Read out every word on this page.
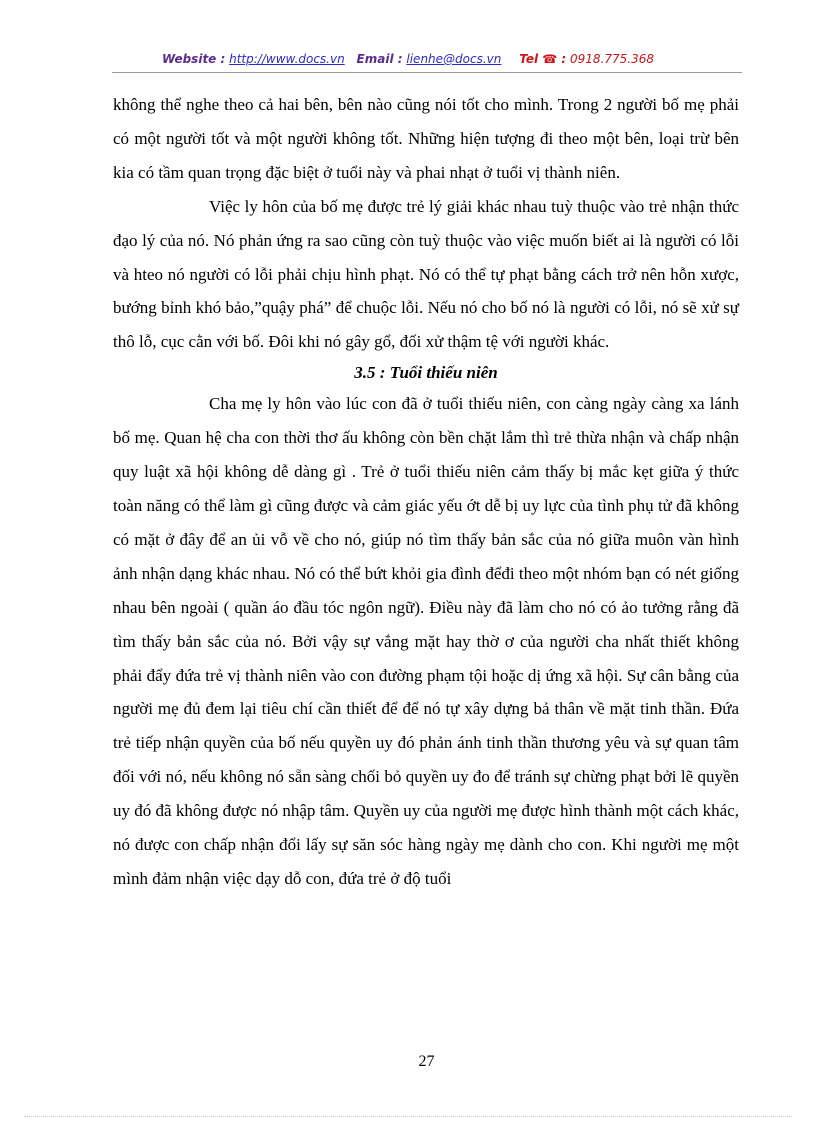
Website : http://www.docs.vn Email : lienhe@docs.vn Tel ☎ : 0918.775.368

không thể nghe theo cả hai bên, bên nào cũng nói tốt cho mình. Trong 2 người bố mẹ phải có một người tốt và một người không tốt. Những hiện tượng đi theo một bên, loại trừ bên kia có tầm quan trọng đặc biệt ở tuổi này và phai nhạt ở tuổi vị thành niên.

Việc ly hôn của bố mẹ được trẻ lý giải khác nhau tuỳ thuộc vào trẻ nhận thức đạo lý của nó. Nó phản ứng ra sao cũng còn tuỳ thuộc vào việc muốn biết ai là người có lỗi và hteo nó người có lỗi phải chịu hình phạt. Nó có thể tự phạt bằng cách trở nên hỗn xược, bướng bỉnh khó bảo,”quậy phá” để chuộc lỗi. Nếu nó cho bố nó là người có lỗi, nó sẽ xử sự thô lỗ, cục cằn với bố. Đôi khi nó gây gổ, đối xử thậm tệ với người khác.

3.5 : Tuổi thiếu niên

Cha mẹ ly hôn vào lúc con đã ở tuổi thiếu niên, con càng ngày càng xa lánh bố mẹ. Quan hệ cha con thời thơ ấu không còn bền chặt lắm thì trẻ thừa nhận và chấp nhận quy luật xã hội không dễ dàng gì . Trẻ ở tuổi thiếu niên cảm thấy bị mắc kẹt giữa ý thức toàn năng có thể làm gì cũng được và cảm giác yếu ớt dễ bị uy lực của tình phụ tử đã không có mặt ở đây để an ủi vỗ về cho nó, giúp nó tìm thấy bản sắc của nó giữa muôn vàn hình ảnh nhận dạng khác nhau. Nó có thể bứt khỏi gia đình đểđi theo một nhóm bạn có nét giống nhau bên ngoài ( quần áo đầu tóc ngôn ngữ). Điều này đã làm cho nó có ảo tưởng rằng đã tìm thấy bản sắc của nó. Bởi vậy sự vắng mặt hay thờ ơ của người cha nhất thiết không phải đẩy đứa trẻ vị thành niên vào con đường phạm tội hoặc dị ứng xã hội. Sự cân bằng của người mẹ đủ đem lại tiêu chí cần thiết để để nó tự xây dựng bả thân về mặt tinh thần. Đứa trẻ tiếp nhận quyền của bố nếu quyền uy đó phản ánh tinh thần thương yêu và sự quan tâm đối với nó, nếu không nó sẵn sàng chối bỏ quyền uy đo để tránh sự chừng phạt bởi lẽ quyền uy đó đã không được nó nhập tâm. Quyền uy của người mẹ được hình thành một cách khác, nó được con chấp nhận đổi lấy sự săn sóc hàng ngày mẹ dành cho con. Khi người mẹ một mình đảm nhận việc dạy dỗ con, đứa trẻ ở độ tuổi

27
